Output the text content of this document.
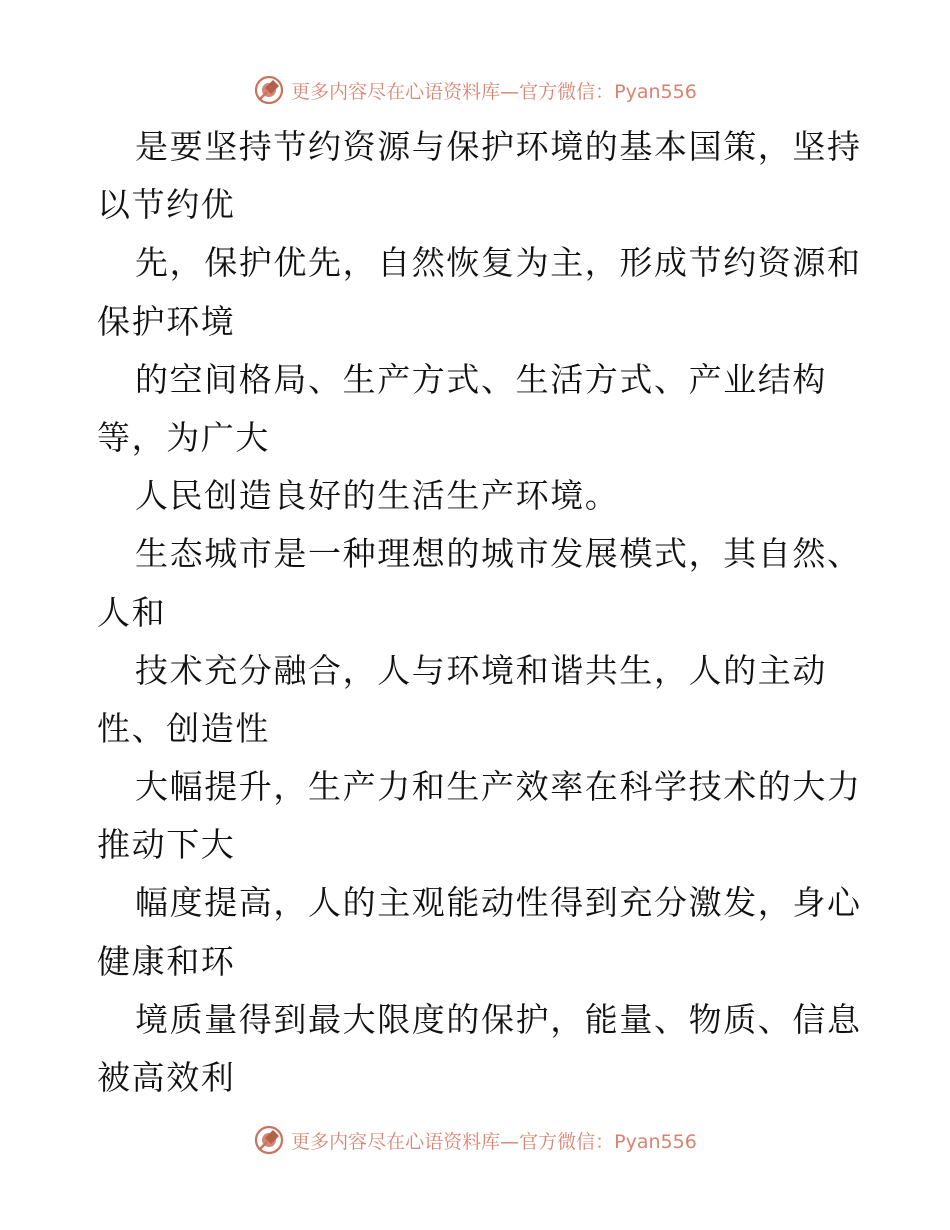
更多内容尽在心语资料库—官方微信：Pyan556
是要坚持节约资源与保护环境的基本国策，坚持
以节约优
先，保护优先，自然恢复为主，形成节约资源和
保护环境
的空间格局、生产方式、生活方式、产业结构
等，为广大
人民创造良好的生活生产环境。
生态城市是一种理想的城市发展模式，其自然、
人和
技术充分融合，人与环境和谐共生，人的主动
性、创造性
大幅提升，生产力和生产效率在科学技术的大力
推动下大
幅度提高，人的主观能动性得到充分激发，身心
健康和环
境质量得到最大限度的保护，能量、物质、信息
被高效利
更多内容尽在心语资料库—官方微信：Pyan556
